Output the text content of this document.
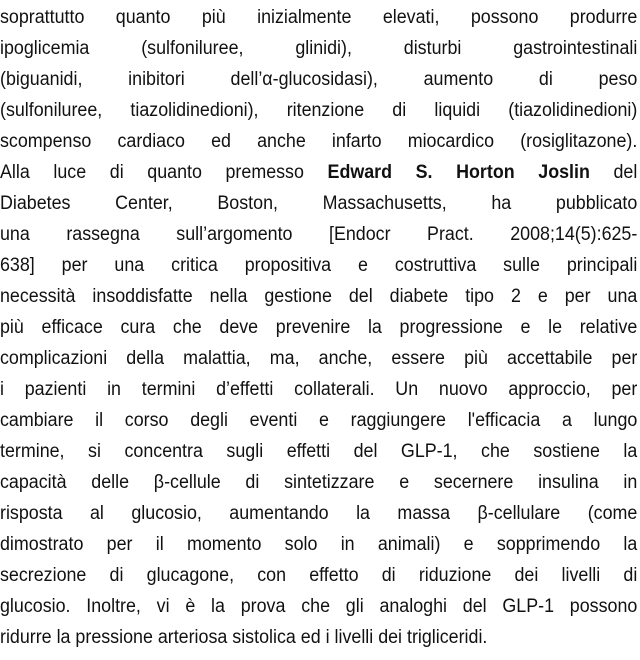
soprattutto quanto più inizialmente elevati, possono produrre
ipoglicemia (sulfoniluree, glinidi), disturbi gastrointestinali
(biguanidi, inibitori dell’α-glucosidasi), aumento di peso
(sulfoniluree, tiazolidinedioni), ritenzione di liquidi (tiazolidinedioni)
scompenso cardiaco ed anche infarto miocardico (rosiglitazone).
Alla luce di quanto premesso Edward S. Horton Joslin del
Diabetes Center, Boston, Massachusetts, ha pubblicato
una rassegna sull’argomento [Endocr Pract. 2008;14(5):625-
638] per una critica propositiva e costruttiva sulle principali
necessità insoddisfatte nella gestione del diabete tipo 2 e per una
più efficace cura che deve prevenire la progressione e le relative
complicazioni della malattia, ma, anche, essere più accettabile per
i pazienti in termini d’effetti collaterali. Un nuovo approccio, per
cambiare il corso degli eventi e raggiungere l'efficacia a lungo
termine, si concentra sugli effetti del GLP-1, che sostiene la
capacità delle β-cellule di sintetizzare e secernere insulina in
risposta al glucosio, aumentando la massa β-cellulare (come
dimostrato per il momento solo in animali) e sopprimendo la
secrezione di glucagone, con effetto di riduzione dei livelli di
glucosio. Inoltre, vi è la prova che gli analoghi del GLP-1 possono
ridurre la pressione arteriosa sistolica ed i livelli dei trigliceridi.
